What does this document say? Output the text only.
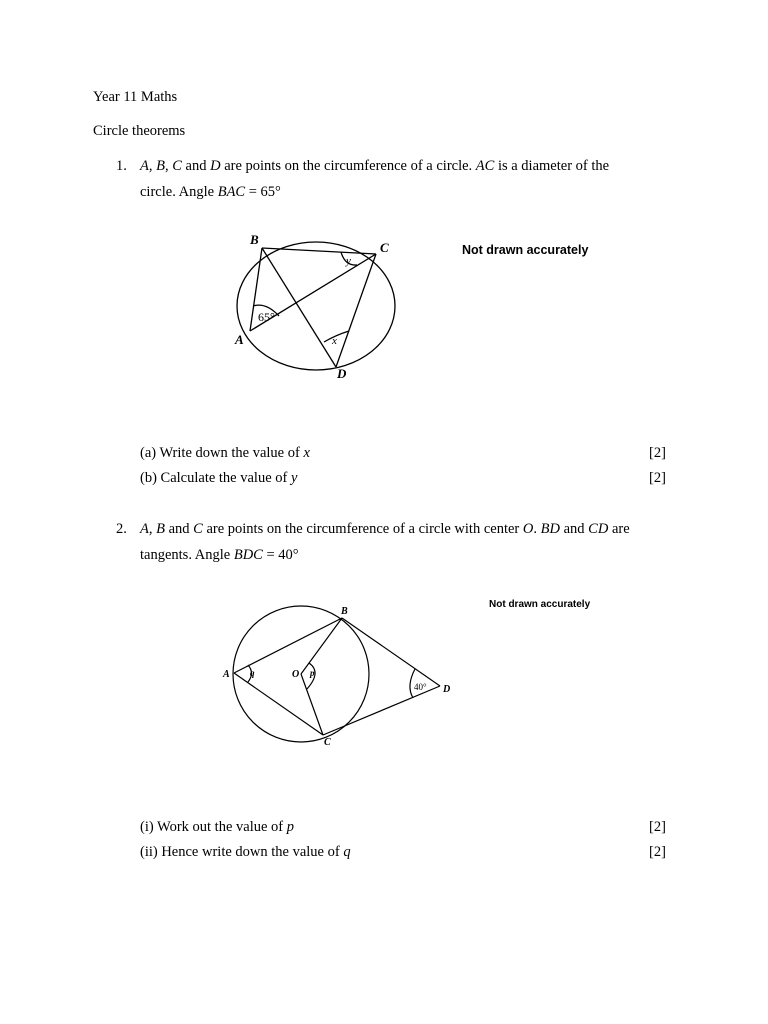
Year 11 Maths
Circle theorems
1. A, B, C and D are points on the circumference of a circle. AC is a diameter of the
circle. Angle BAC = 65°
B
C
A
D
y
x
65°
Not drawn accurately
(a) Write down the value of x	[2]
(b) Calculate the value of y	[2]
2. A, B and C are points on the circumference of a circle with center O. BD and CD are
tangents. Angle BDC = 40°
B
A
C
D
O p
q
40°
Not drawn accurately
(i) Work out the value of p	[2]
(ii) Hence write down the value of q	[2]
